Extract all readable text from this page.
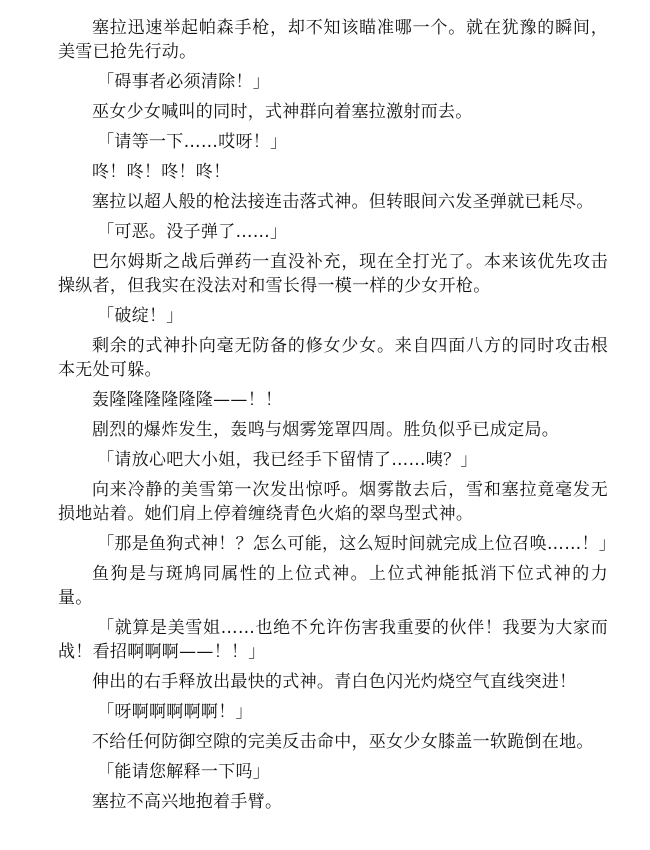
塞拉迅速举起帕森手枪，却不知该瞄准哪一个。就在犹豫的瞬间，美雪已抢先行动。

「碍事者必须清除！」

巫女少女喊叫的同时，式神群向着塞拉激射而去。

「请等一下……哎呀！」

咚！咚！咚！咚！

塞拉以超人般的枪法接连击落式神。但转眼间六发圣弹就已耗尽。

「可恶。没子弹了……」

巴尔姆斯之战后弹药一直没补充，现在全打光了。本来该优先攻击操纵者，但我实在没法对和雪长得一模一样的少女开枪。

「破绽！」

剩余的式神扑向毫无防备的修女少女。来自四面八方的同时攻击根本无处可躲。

轰隆隆隆隆隆隆——！！

剧烈的爆炸发生，轰鸣与烟雾笼罩四周。胜负似乎已成定局。

「请放心吧大小姐，我已经手下留情了……咦？」

向来冷静的美雪第一次发出惊呼。烟雾散去后，雪和塞拉竟毫发无损地站着。她们肩上停着缠绕青色火焰的翠鸟型式神。

「那是鱼狗式神！？怎么可能，这么短时间就完成上位召唤……！」

鱼狗是与斑鸠同属性的上位式神。上位式神能抵消下位式神的力量。

「就算是美雪姐……也绝不允许伤害我重要的伙伴！我要为大家而战！看招啊啊啊——！！」

伸出的右手释放出最快的式神。青白色闪光灼烧空气直线突进！

「呀啊啊啊啊啊！」

不给任何防御空隙的完美反击命中，巫女少女膝盖一软跪倒在地。

「能请您解释一下吗」

塞拉不高兴地抱着手臂。
